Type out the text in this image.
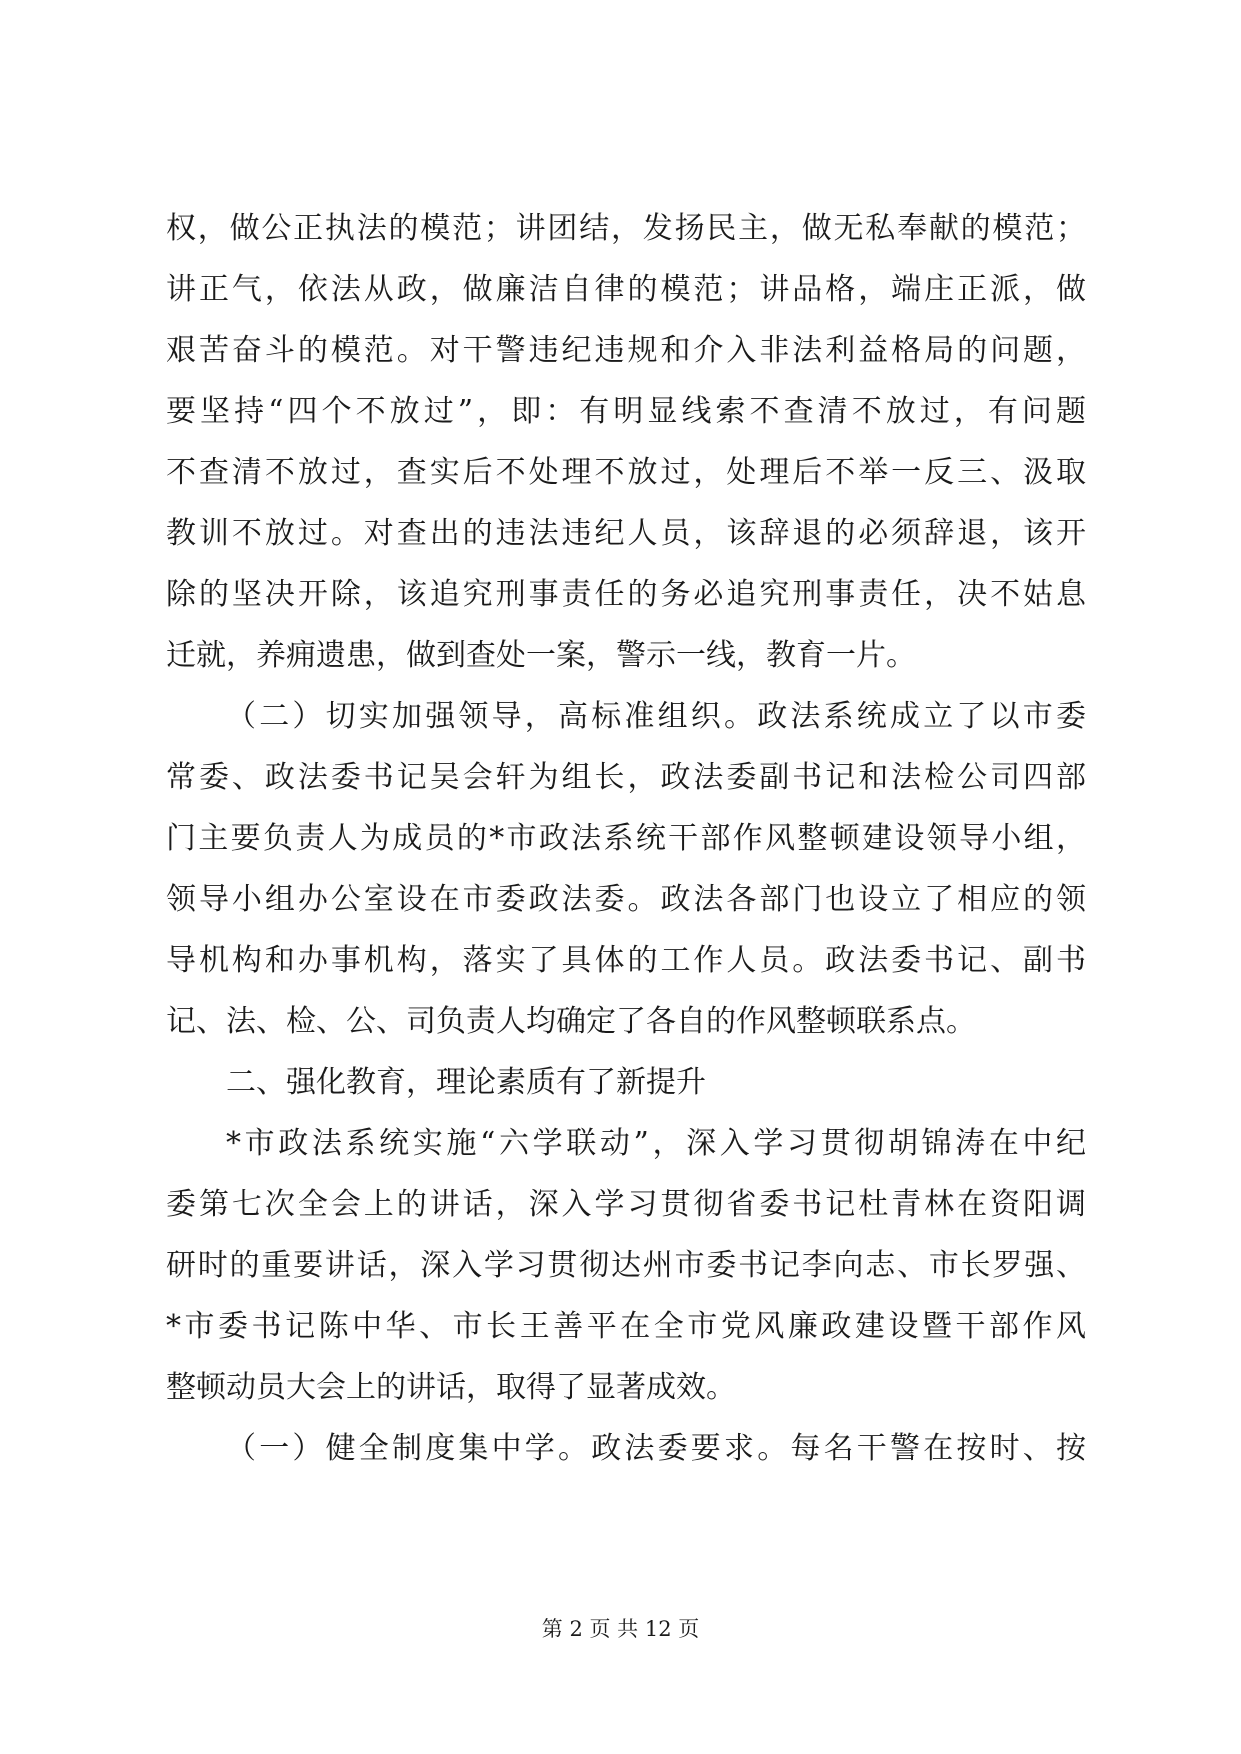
权，做公正执法的模范；讲团结，发扬民主，做无私奉献的模范；
讲正气，依法从政，做廉洁自律的模范；讲品格，端庄正派，做
艰苦奋斗的模范。对干警违纪违规和介入非法利益格局的问题，
要坚持“四个不放过”，即：有明显线索不查清不放过，有问题
不查清不放过，查实后不处理不放过，处理后不举一反三、汲取
教训不放过。对查出的违法违纪人员，该辞退的必须辞退，该开
除的坚决开除，该追究刑事责任的务必追究刑事责任，决不姑息
迁就，养痈遗患，做到查处一案，警示一线，教育一片。
（二）切实加强领导，高标准组织。政法系统成立了以市委
常委、政法委书记吴会轩为组长，政法委副书记和法检公司四部
门主要负责人为成员的*市政法系统干部作风整顿建设领导小组，
领导小组办公室设在市委政法委。政法各部门也设立了相应的领
导机构和办事机构，落实了具体的工作人员。政法委书记、副书
记、法、检、公、司负责人均确定了各自的作风整顿联系点。
二、强化教育，理论素质有了新提升
*市政法系统实施“六学联动”，深入学习贯彻胡锦涛在中纪
委第七次全会上的讲话，深入学习贯彻省委书记杜青林在资阳调
研时的重要讲话，深入学习贯彻达州市委书记李向志、市长罗强、
*市委书记陈中华、市长王善平在全市党风廉政建设暨干部作风
整顿动员大会上的讲话，取得了显著成效。
（一）健全制度集中学。政法委要求。每名干警在按时、按
第 2 页 共 12 页
